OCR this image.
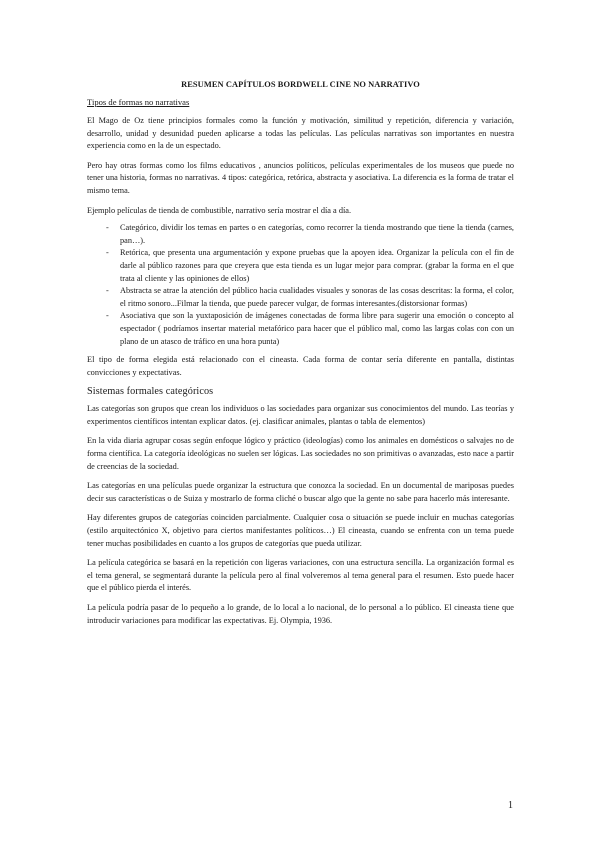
RESUMEN CAPÍTULOS BORDWELL CINE NO NARRATIVO
Tipos de formas no narrativas

El Mago de Oz tiene principios formales como la función y motivación, similitud y repetición, diferencia y variación, desarrollo, unidad y desunidad pueden aplicarse a todas las películas. Las películas narrativas son importantes en nuestra experiencia como en la de un espectado.

Pero hay otras formas como los films educativos , anuncios políticos, películas experimentales de los museos que puede no tener una historia, formas no narrativas. 4 tipos: categórica, retórica, abstracta y asociativa. La diferencia es la forma de tratar el mismo tema.

Ejemplo películas de tienda de combustible, narrativo sería mostrar el día a día.

- Categórico, dividir los temas en partes o en categorías, como recorrer la tienda mostrando que tiene la tienda (carnes, pan…).
- Retórica, que presenta una argumentación y expone pruebas que la apoyen idea. Organizar la película con el fin de darle al público razones para que creyera que esta tienda es un lugar mejor para comprar. (grabar la forma en el que trata al cliente y las opiniones de ellos)
- Abstracta se atrae la atención del público hacia cualidades visuales y sonoras de las cosas descritas: la forma, el color, el ritmo sonoro...Filmar la tienda, que puede parecer vulgar, de formas interesantes.(distorsionar formas)
- Asociativa que son la yuxtaposición de imágenes conectadas de forma libre para sugerir una emoción o concepto al espectador ( podríamos insertar material metafórico para hacer que el público mal, como las largas colas con con un plano de un atasco de tráfico en una hora punta)

El tipo de forma elegida está relacionado con el cineasta. Cada forma de contar sería diferente en pantalla, distintas convicciones y expectativas.

Sistemas formales categóricos

Las categorías son grupos que crean los individuos o las sociedades para organizar sus conocimientos del mundo. Las teorías y experimentos científicos intentan explicar datos. (ej. clasificar animales, plantas o tabla de elementos)

En la vida diaria agrupar cosas según enfoque lógico y práctico (ideologías) como los animales en domésticos o salvajes no de forma científica. La categoría ideológicas no suelen ser lógicas. Las sociedades no son primitivas o avanzadas, esto nace a partir de creencias de la sociedad.

Las categorías en una películas puede organizar la estructura que conozca la sociedad. En un documental de mariposas puedes decir sus características o de Suiza y mostrarlo de forma cliché o buscar algo que la gente no sabe para hacerlo más interesante.

Hay diferentes grupos de categorías coinciden parcialmente. Cualquier cosa o situación se puede incluir en muchas categorías (estilo arquitectónico X, objetivo para ciertos manifestantes políticos…) El cineasta, cuando se enfrenta con un tema puede tener muchas posibilidades en cuanto a los grupos de categorías que pueda utilizar.

La película categórica se basará en la repetición con ligeras variaciones, con una estructura sencilla. La organización formal es el tema general, se segmentará durante la película pero al final volveremos al tema general para el resumen. Esto puede hacer que el público pierda el interés.

La película podría pasar de lo pequeño a lo grande, de lo local a lo nacional, de lo personal a lo público. El cineasta tiene que introducir variaciones para modificar las expectativas. Ej. Olympia, 1936.

1
